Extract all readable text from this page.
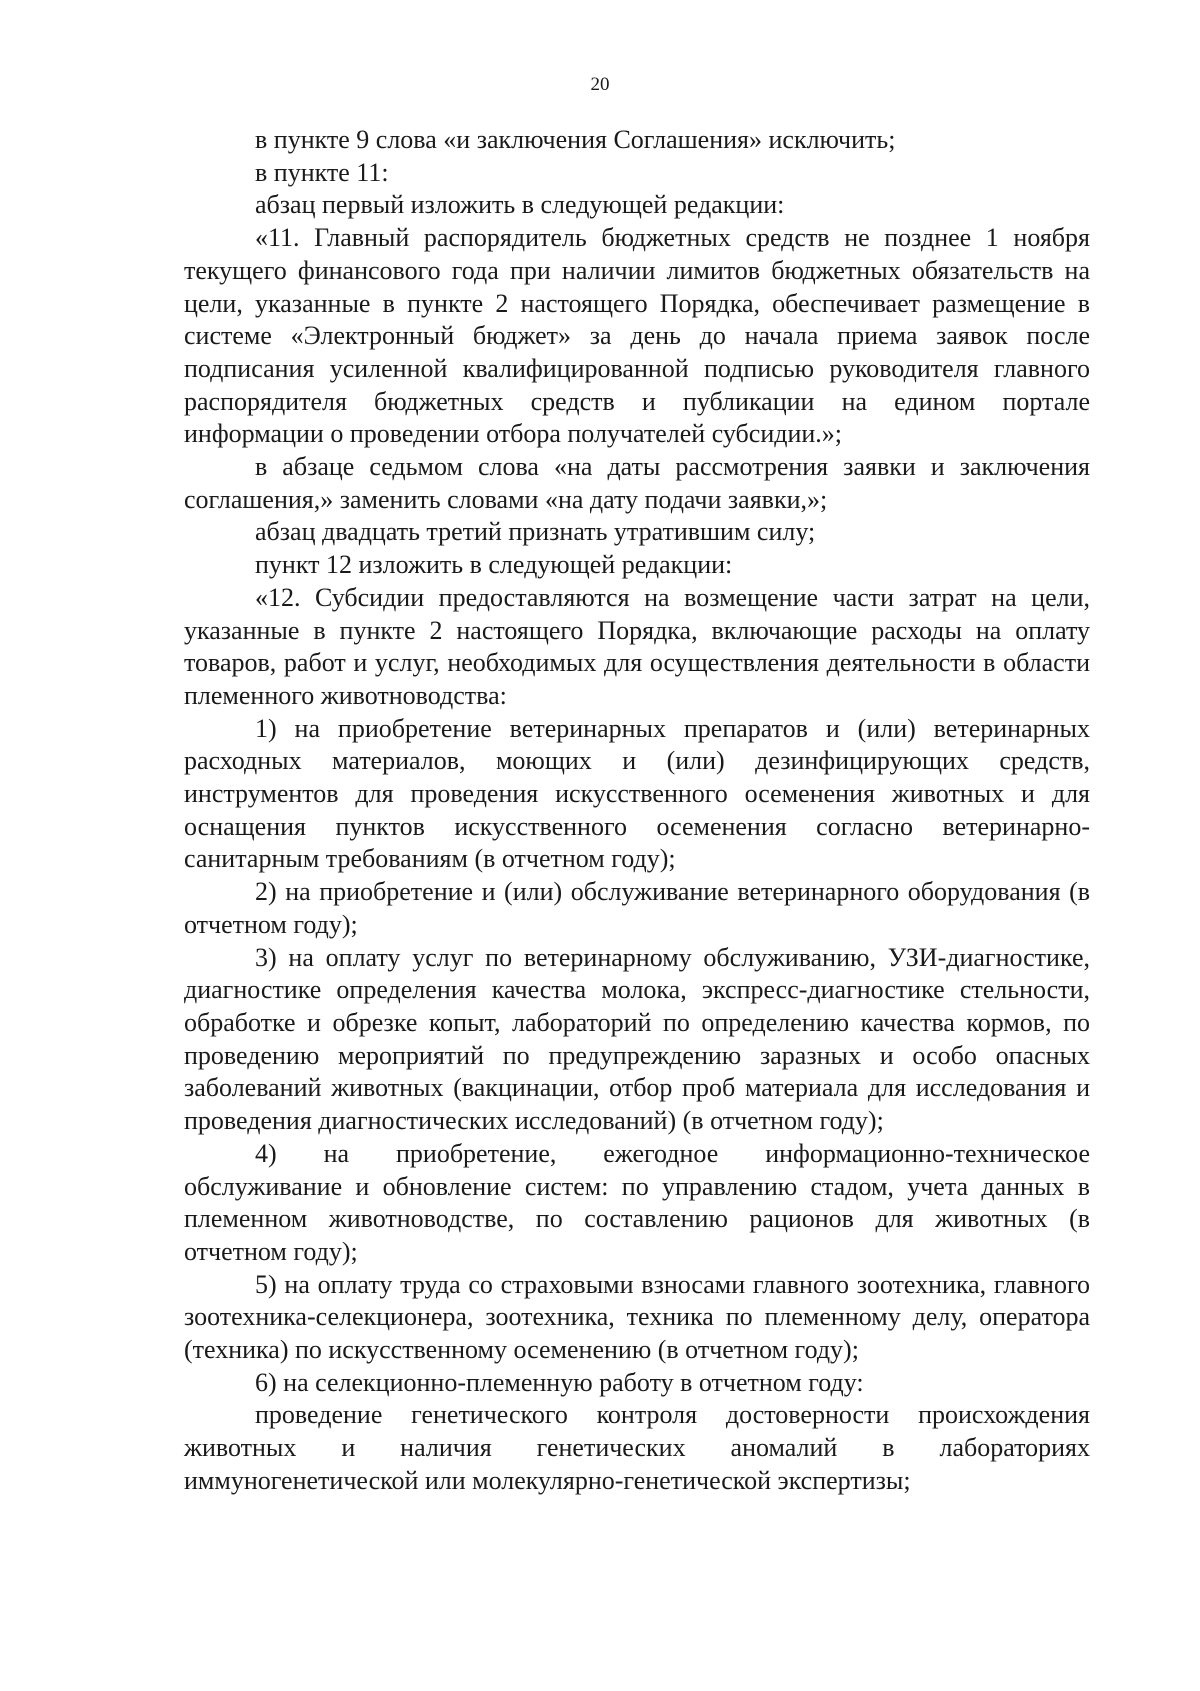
20

в пункте 9 слова «и заключения Соглашения» исключить;

в пункте 11:

абзац первый изложить в следующей редакции:

«11. Главный распорядитель бюджетных средств не позднее 1 ноября текущего финансового года при наличии лимитов бюджетных обязательств на цели, указанные в пункте 2 настоящего Порядка, обеспечивает размещение в системе «Электронный бюджет» за день до начала приема заявок после подписания усиленной квалифицированной подписью руководителя главного распорядителя бюджетных средств и публикации на едином портале информации о проведении отбора получателей субсидии.»;

в абзаце седьмом слова «на даты рассмотрения заявки и заключения соглашения,» заменить словами «на дату подачи заявки,»;

абзац двадцать третий признать утратившим силу;

пункт 12 изложить в следующей редакции:

«12. Субсидии предоставляются на возмещение части затрат на цели, указанные в пункте 2 настоящего Порядка, включающие расходы на оплату товаров, работ и услуг, необходимых для осуществления деятельности в области племенного животноводства:

1) на приобретение ветеринарных препаратов и (или) ветеринарных расходных материалов, моющих и (или) дезинфицирующих средств, инструментов для проведения искусственного осеменения животных и для оснащения пунктов искусственного осеменения согласно ветеринарно-санитарным требованиям (в отчетном году);

2) на приобретение и (или) обслуживание ветеринарного оборудования (в отчетном году);

3) на оплату услуг по ветеринарному обслуживанию, УЗИ-диагностике, диагностике определения качества молока, экспресс-диагностике стельности, обработке и обрезке копыт, лабораторий по определению качества кормов, по проведению мероприятий по предупреждению заразных и особо опасных заболеваний животных (вакцинации, отбор проб материала для исследования и проведения диагностических исследований) (в отчетном году);

4) на приобретение, ежегодное информационно-техническое обслуживание и обновление систем: по управлению стадом, учета данных в племенном животноводстве, по составлению рационов для животных (в отчетном году);

5) на оплату труда со страховыми взносами главного зоотехника, главного зоотехника-селекционера, зоотехника, техника по племенному делу, оператора (техника) по искусственному осеменению (в отчетном году);

6) на селекционно-племенную работу в отчетном году:

проведение генетического контроля достоверности происхождения животных и наличия генетических аномалий в лабораториях иммуногенетической или молекулярно-генетической экспертизы;
